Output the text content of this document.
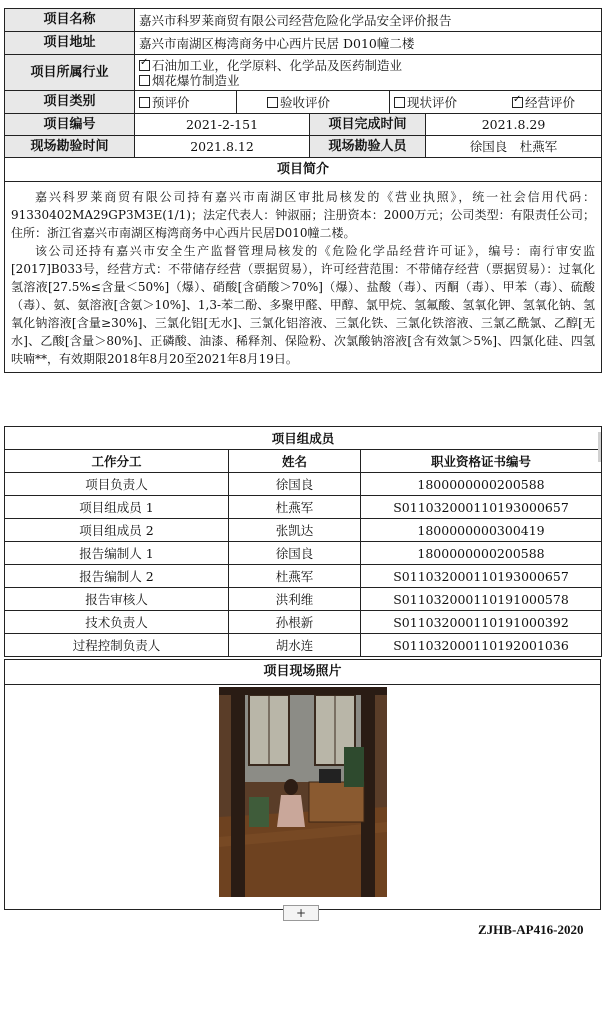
项目名称	嘉兴市科罗莱商贸有限公司经营危险化学品安全评价报告				
项目地址	嘉兴市南湖区梅湾商务中心西片民居 D010幢二楼				
项目所属行业	
✓石油加工业，化学原料、化学品及医药制造业
烟花爆竹制造业

项目类别	预评价	验收评价		现状评价 ✓ 经营评价

项目编号	2021-2-151		项目完成时间		2021.8.29
现场勘验时间	2021.8.12		现场勘验人员		徐国良　杜燕军
项目简介					

嘉兴科罗莱商贸有限公司持有嘉兴市南湖区审批局核发的《营业执照》，统一社会信用代码：91330402MA29GP3M3E(1/1)；法定代表人：钟淑丽；注册资本：2000万元；公司类型：有限责任公司；住所：浙江省嘉兴市南湖区梅湾商务中心西片民居D010幢二楼。
该公司还持有嘉兴市安全生产监督管理局核发的《危险化学品经营许可证》，编号：南行审安监[2017]B033号，经营方式：不带储存经营（票据贸易），许可经营范围：不带储存经营（票据贸易）：过氧化氢溶液[27.5%≤含量＜50%]（爆）、硝酸[含硝酸＞70%]（爆）、盐酸（毒）、丙酮（毒）、甲苯（毒）、硫酸（毒）、氨、氨溶液[含氨＞10%]、1,3-苯二酚、多聚甲醛、甲醇、氯甲烷、氢氟酸、氢氧化钾、氢氧化钠、氢氧化钠溶液[含量≥30%]、三氯化铝[无水]、三氯化铝溶液、三氯化铁、三氯化铁溶液、三氯乙酰氯、乙醇[无水]、乙酸[含量＞80%]、正磷酸、油漆、稀释剂、保险粉、次氯酸钠溶液[含有效氯＞5%]、四氯化硅、四氢呋喃**，有效期限2018年8月20至2021年8月19日。					
项目组成员		
工作分工	姓名	职业资格证书编号
项目负责人	徐国良	1800000000200588
项目组成员 1	杜燕军	S011032000110193000657
项目组成员 2	张凯达	1800000000300419
报告编制人 1	徐国良	1800000000200588
报告编制人 2	杜燕军	S011032000110193000657
报告审核人	洪利维	S011032000110191000578
技术负责人	孙根新	S011032000110191000392
过程控制负责人	胡水连	S011032000110192001036
项目现场照片

+
ZJHB-AP416-2020
